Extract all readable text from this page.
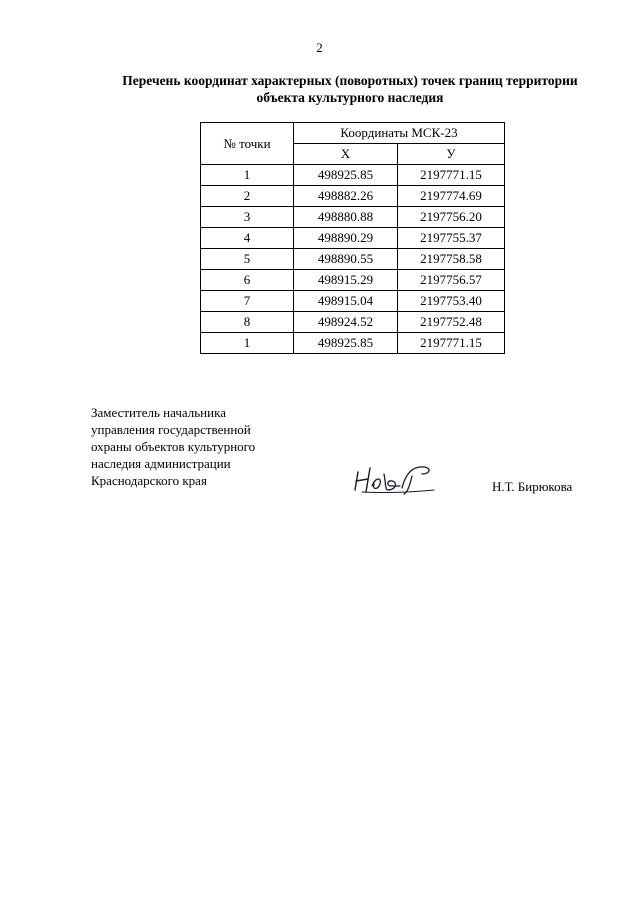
2
Перечень координат характерных (поворотных) точек границ территории
объекта культурного наследия
№ точки	Координаты МСК-23	
	X	У
1	498925.85	2197771.15
2	498882.26	2197774.69
3	498880.88	2197756.20
4	498890.29	2197755.37
5	498890.55	2197758.58
6	498915.29	2197756.57
7	498915.04	2197753.40
8	498924.52	2197752.48
1	498925.85	2197771.15
Заместитель начальника
управления государственной
охраны объектов культурного
наследия администрации
Краснодарского края	Н.Т. Бирюкова
